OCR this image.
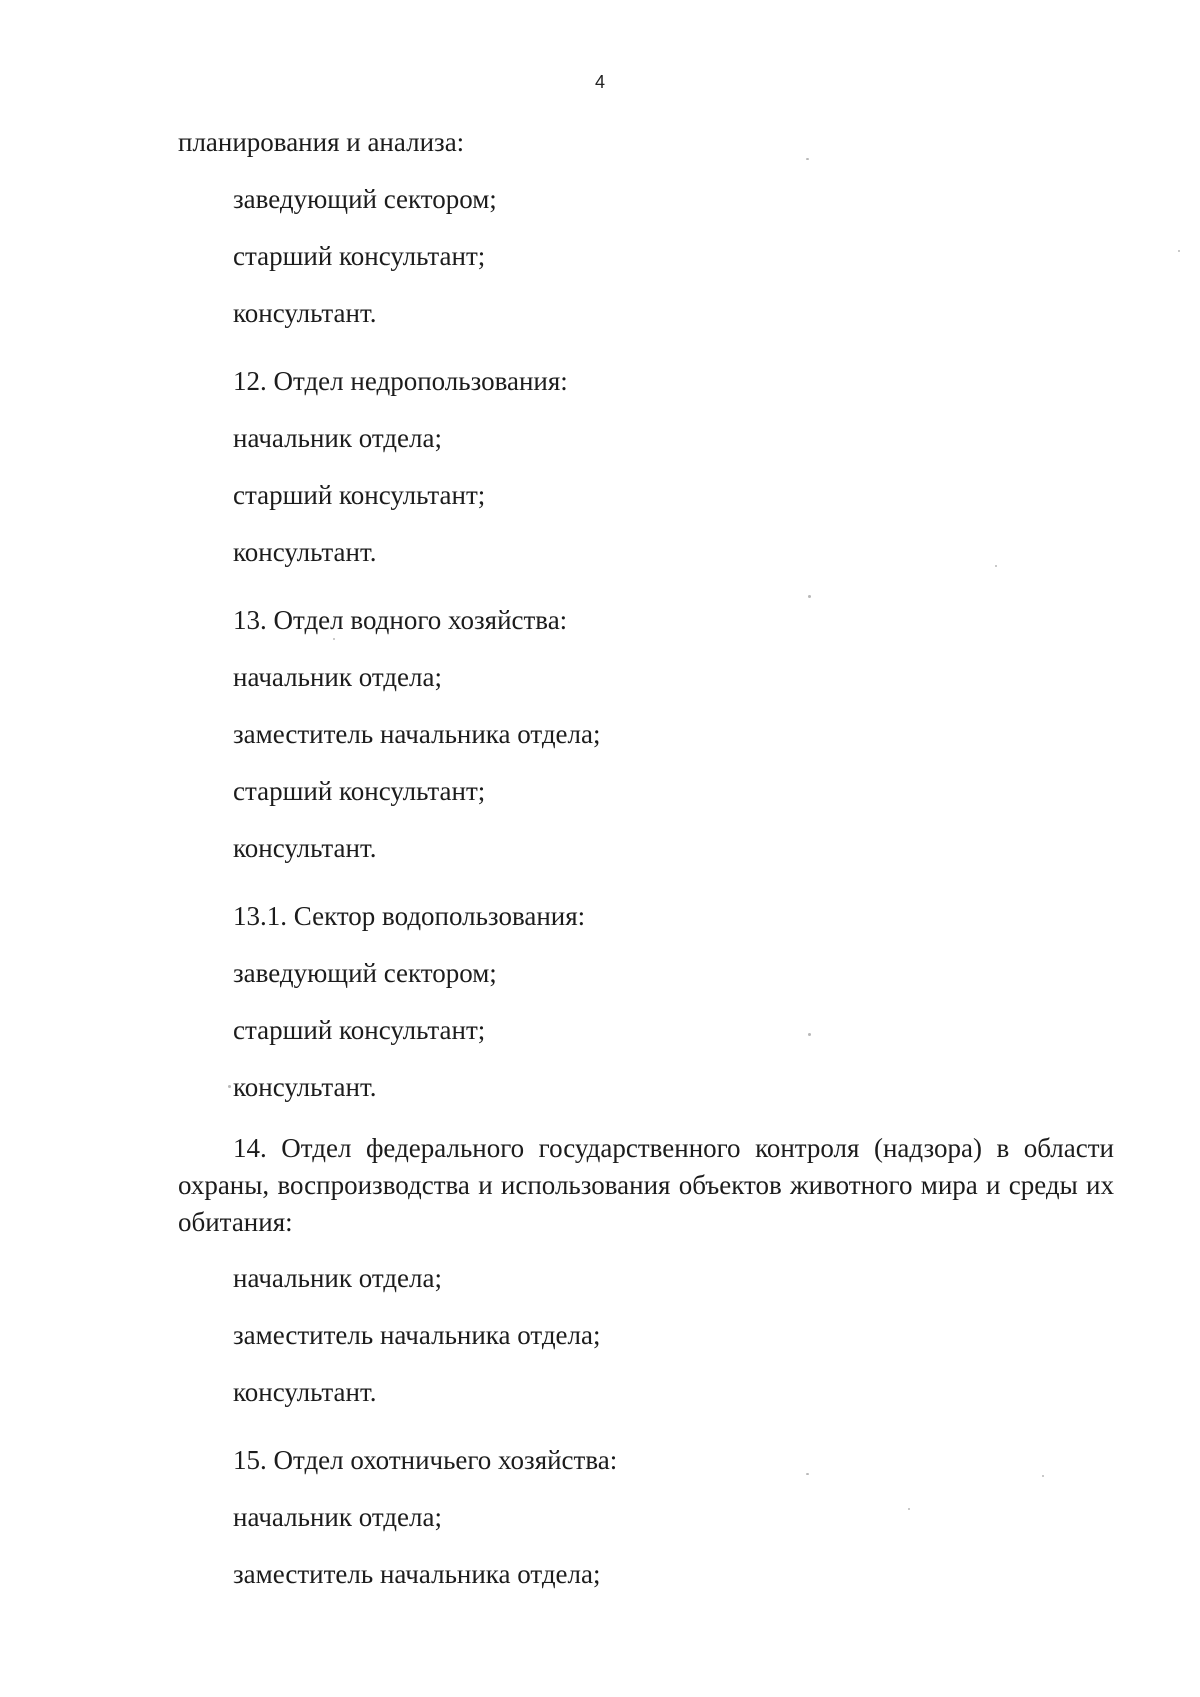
4
планирования и анализа:
заведующий сектором;
старший консультант;
консультант.
12. Отдел недропользования:
начальник отдела;
старший консультант;
консультант.
13. Отдел водного хозяйства:
начальник отдела;
заместитель начальника отдела;
старший консультант;
консультант.
13.1. Сектор водопользования:
заведующий сектором;
старший консультант;
консультант.
14. Отдел федерального государственного контроля (надзора) в области охраны, воспроизводства и использования объектов животного мира и среды их обитания:
начальник отдела;
заместитель начальника отдела;
консультант.
15. Отдел охотничьего хозяйства:
начальник отдела;
заместитель начальника отдела;
